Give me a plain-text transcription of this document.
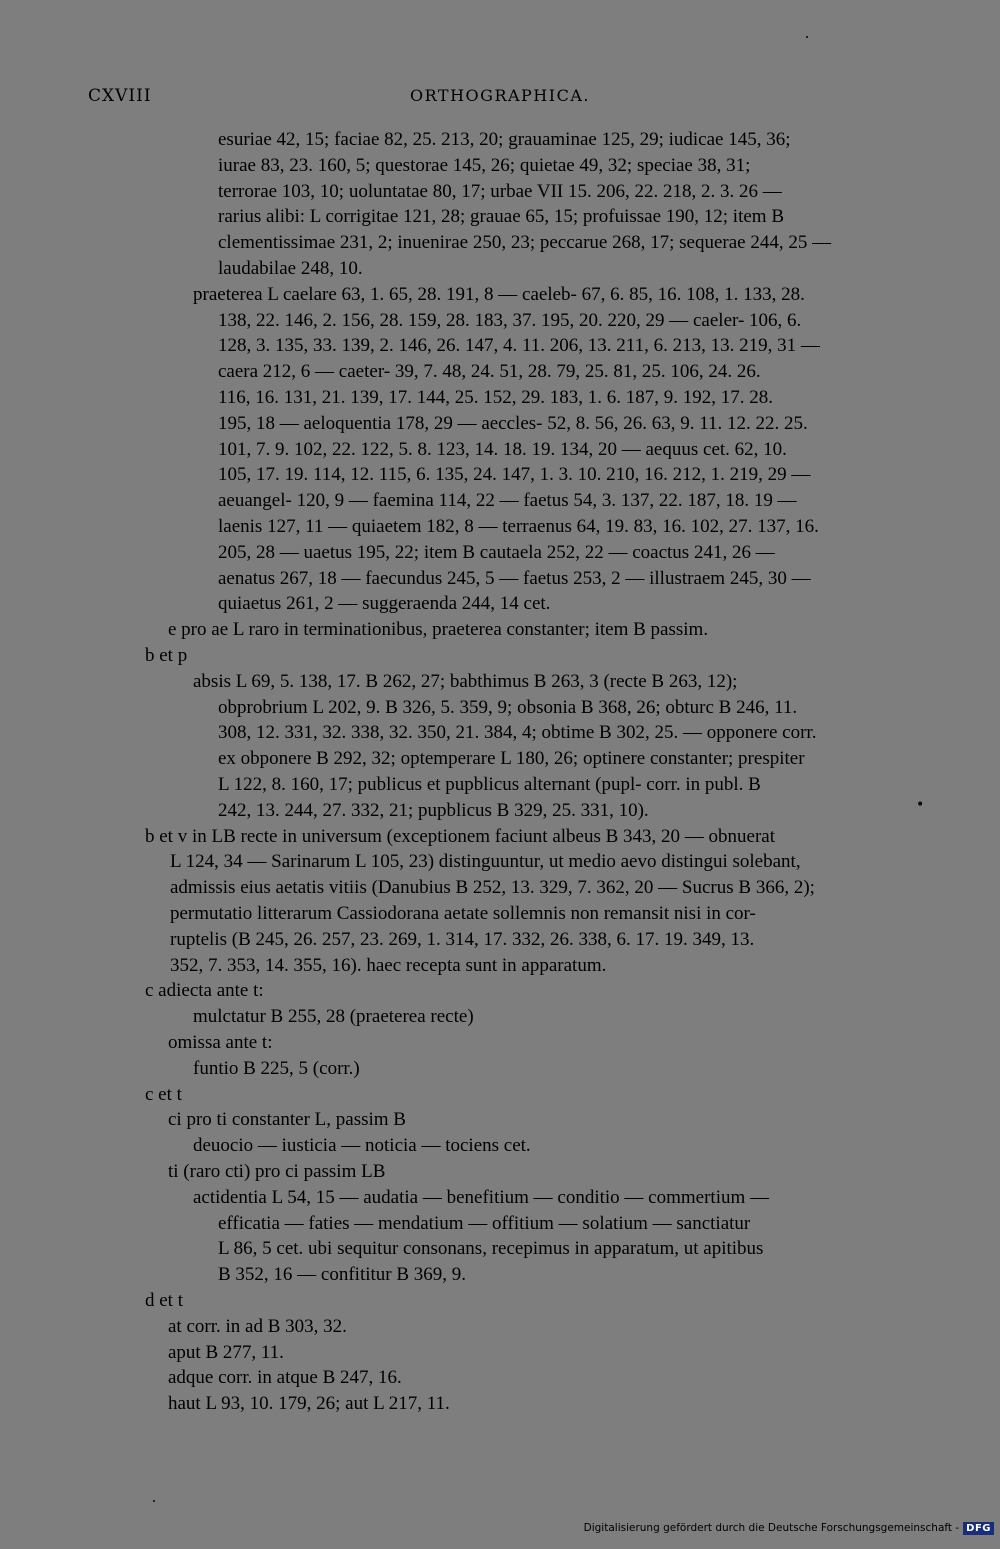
CXVIII	ORTHOGRAPHICA.
esuriae 42, 15; faciae 82, 25. 213, 20; grauaminae 125, 29; iudicae 145, 36;
iurae 83, 23. 160, 5; questorae 145, 26; quietae 49, 32; speciae 38, 31;
terrorae 103, 10; uoluntatae 80, 17; urbae VII 15. 206, 22. 218, 2. 3. 26 —
rarius alibi: L corrigitae 121, 28; grauae 65, 15; profuissae 190, 12; item B
clementissimae 231, 2; inuenirae 250, 23; peccarue 268, 17; sequerae 244, 25 —
laudabilae 248, 10.
praeterea L caelare 63, 1. 65, 28. 191, 8 — caeleb- 67, 6. 85, 16. 108, 1. 133, 28.
138, 22. 146, 2. 156, 28. 159, 28. 183, 37. 195, 20. 220, 29 — caeler- 106, 6.
128, 3. 135, 33. 139, 2. 146, 26. 147, 4. 11. 206, 13. 211, 6. 213, 13. 219, 31 —
caera 212, 6 — caeter- 39, 7. 48, 24. 51, 28. 79, 25. 81, 25. 106, 24. 26.
116, 16. 131, 21. 139, 17. 144, 25. 152, 29. 183, 1. 6. 187, 9. 192, 17. 28.
195, 18 — aeloquentia 178, 29 — aeccles- 52, 8. 56, 26. 63, 9. 11. 12. 22. 25.
101, 7. 9. 102, 22. 122, 5. 8. 123, 14. 18. 19. 134, 20 — aequus cet. 62, 10.
105, 17. 19. 114, 12. 115, 6. 135, 24. 147, 1. 3. 10. 210, 16. 212, 1. 219, 29 —
aeuangel- 120, 9 — faemina 114, 22 — faetus 54, 3. 137, 22. 187, 18. 19 —
laenis 127, 11 — quiaetem 182, 8 — terraenus 64, 19. 83, 16. 102, 27. 137, 16.
205, 28 — uaetus 195, 22; item B cautaela 252, 22 — coactus 241, 26 —
aenatus 267, 18 — faecundus 245, 5 — faetus 253, 2 — illustraem 245, 30 —
quiaetus 261, 2 — suggeraenda 244, 14 cet.
e pro ae L raro in terminationibus, praeterea constanter; item B passim.
b et p
absis L 69, 5. 138, 17. B 262, 27; babthimus B 263, 3 (recte B 263, 12);
obprobrium L 202, 9. B 326, 5. 359, 9; obsonia B 368, 26; obturc B 246, 11.
308, 12. 331, 32. 338, 32. 350, 21. 384, 4; obtime B 302, 25. — opponere corr.
ex obponere B 292, 32; optemperare L 180, 26; optinere constanter; prespiter
L 122, 8. 160, 17; publicus et pupblicus alternant (pupl- corr. in publ. B
242, 13. 244, 27. 332, 21; pupblicus B 329, 25. 331, 10).
b et v in LB recte in universum (exceptionem faciunt albeus B 343, 20 — obnuerat
L 124, 34 — Sarinarum L 105, 23) distinguuntur, ut medio aevo distingui solebant,
admissis eius aetatis vitiis (Danubius B 252, 13. 329, 7. 362, 20 — Sucrus B 366, 2);
permutatio litterarum Cassiodorana aetate sollemnis non remansit nisi in cor-
ruptelis (B 245, 26. 257, 23. 269, 1. 314, 17. 332, 26. 338, 6. 17. 19. 349, 13.
352, 7. 353, 14. 355, 16). haec recepta sunt in apparatum.
c adiecta ante t:
mulctatur B 255, 28 (praeterea recte)
omissa ante t:
funtio B 225, 5 (corr.)
c et t
ci pro ti constanter L, passim B
deuocio — iusticia — noticia — tociens cet.
ti (raro cti) pro ci passim LB
actidentia L 54, 15 — audatia — benefitium — conditio — commertium —
efficatia — faties — mendatium — offitium — solatium — sanctiatur
L 86, 5 cet. ubi sequitur consonans, recepimus in apparatum, ut apitibus
B 352, 16 — confititur B 369, 9.
d et t
at corr. in ad B 303, 32.
aput B 277, 11.
adque corr. in atque B 247, 16.
haut L 93, 10. 179, 26; aut L 217, 11.
•
Digitalisierung gefördert durch die Deutsche Forschungsgemeinschaft - DFG
